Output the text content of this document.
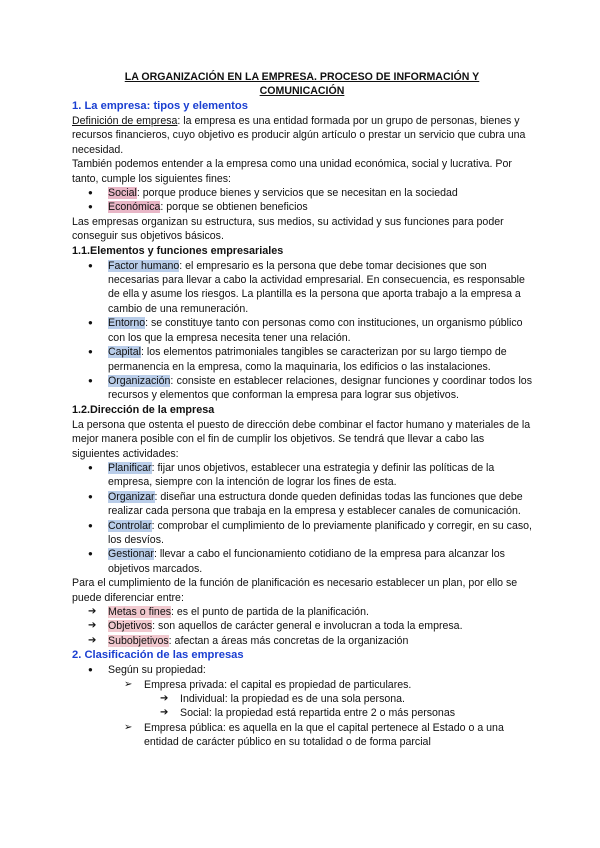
LA ORGANIZACIÓN EN LA EMPRESA. PROCESO DE INFORMACIÓN Y
COMUNICACIÓN
1. La empresa: tipos y elementos

Definición de empresa: la empresa es una entidad formada por un grupo de personas, bienes y recursos financieros, cuyo objetivo es producir algún artículo o prestar un servicio que cubra una necesidad.

También podemos entender a la empresa como una unidad económica, social y lucrativa. Por tanto, cumple los siguientes fines:

● Social: porque produce bienes y servicios que se necesitan en la sociedad
● Económica: porque se obtienen beneficios

Las empresas organizan su estructura, sus medios, su actividad y sus funciones para poder conseguir sus objetivos básicos.

1.1.Elementos y funciones empresariales
● Factor humano: el empresario es la persona que debe tomar decisiones que son necesarias para llevar a cabo la actividad empresarial. En consecuencia, es responsable de ella y asume los riesgos. La plantilla es la persona que aporta trabajo a la empresa a cambio de una remuneración.
● Entorno: se constituye tanto con personas como con instituciones, un organismo público con los que la empresa necesita tener una relación.
● Capital: los elementos patrimoniales tangibles se caracterizan por su largo tiempo de permanencia en la empresa, como la maquinaria, los edificios o las instalaciones.
● Organización: consiste en establecer relaciones, designar funciones y coordinar todos los recursos y elementos que conforman la empresa para lograr sus objetivos.
1.2.Dirección de la empresa

La persona que ostenta el puesto de dirección debe combinar el factor humano y materiales de la mejor manera posible con el fin de cumplir los objetivos. Se tendrá que llevar a cabo las siguientes actividades:

● Planificar: fijar unos objetivos, establecer una estrategia y definir las políticas de la empresa, siempre con la intención de lograr los fines de esta.
● Organizar: diseñar una estructura donde queden definidas todas las funciones que debe realizar cada persona que trabaja en la empresa y establecer canales de comunicación.
● Controlar: comprobar el cumplimiento de lo previamente planificado y corregir, en su caso, los desvíos.
● Gestionar: llevar a cabo el funcionamiento cotidiano de la empresa para alcanzar los objetivos marcados.

Para el cumplimiento de la función de planificación es necesario establecer un plan, por ello se puede diferenciar entre:

➔ Metas o fines: es el punto de partida de la planificación.
➔ Objetivos: son aquellos de carácter general e involucran a toda la empresa.
➔ Subobjetivos: afectan a áreas más concretas de la organización
2. Clasificación de las empresas
● Según su propiedad:
➢ Empresa privada: el capital es propiedad de particulares.
➔ Individual: la propiedad es de una sola persona.
➔ Social: la propiedad está repartida entre 2 o más personas
➢ Empresa pública: es aquella en la que el capital pertenece al Estado o a una entidad de carácter público en su totalidad o de forma parcial
